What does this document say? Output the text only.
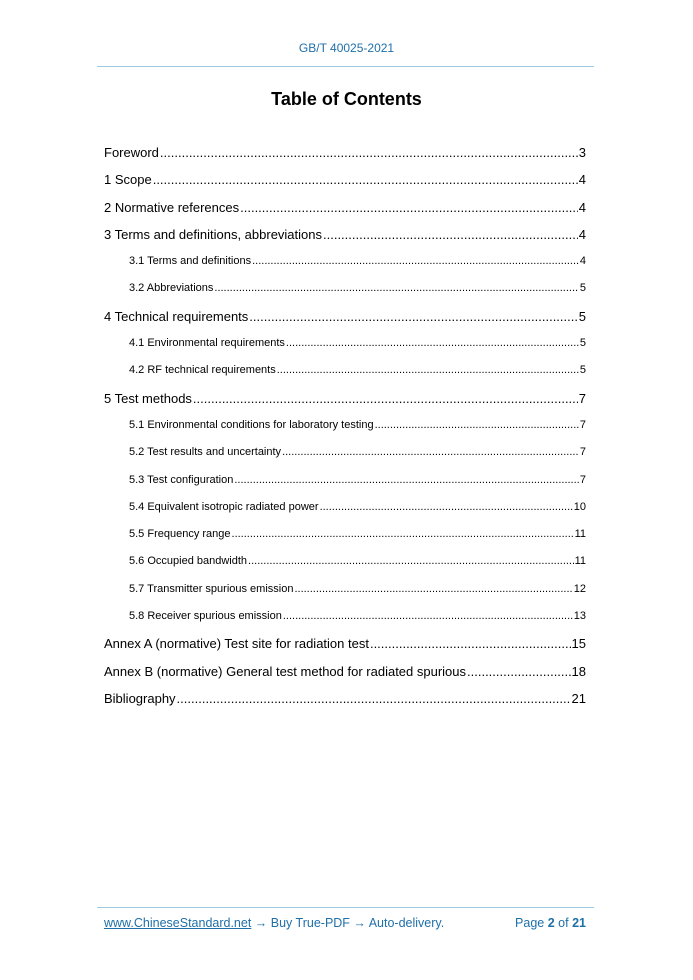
GB/T 40025-2021
Table of Contents
Foreword .....	3
1 Scope .....	4
2 Normative references .....	4
3 Terms and definitions, abbreviations .....	4
3.1 Terms and definitions .....	4
3.2 Abbreviations .....	5
4 Technical requirements .....	5
4.1 Environmental requirements .....	5
4.2 RF technical requirements .....	5
5 Test methods .....	7
5.1 Environmental conditions for laboratory testing .....	7
5.2 Test results and uncertainty .....	7
5.3 Test configuration .....	7
5.4 Equivalent isotropic radiated power .....	10
5.5 Frequency range .....	11
5.6 Occupied bandwidth .....	11
5.7 Transmitter spurious emission .....	12
5.8 Receiver spurious emission .....	13
Annex A (normative) Test site for radiation test .....	15
Annex B (normative) General test method for radiated spurious .....	18
Bibliography .....	21
www.ChineseStandard.net → Buy True-PDF → Auto-delivery.	Page 2 of 21
